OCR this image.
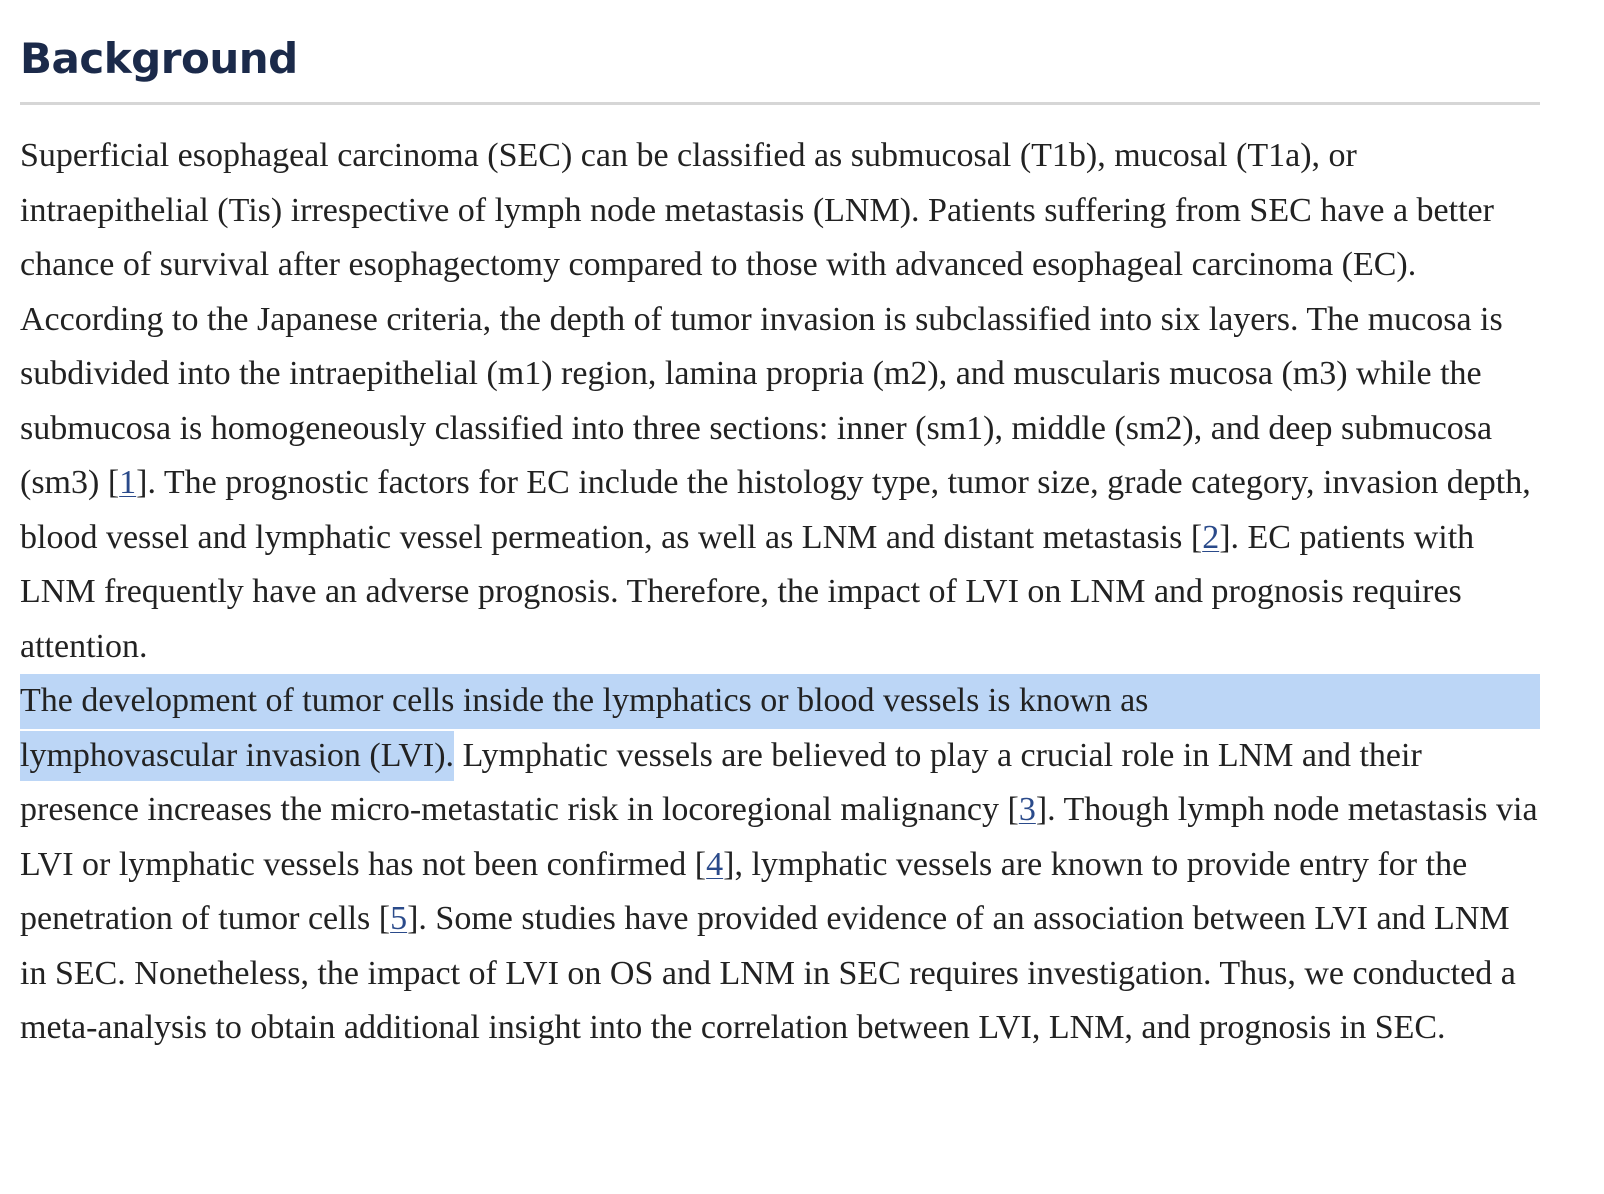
Background

Superficial esophageal carcinoma (SEC) can be classified as submucosal (T1b), mucosal (T1a), or intraepithelial (Tis) irrespective of lymph node metastasis (LNM). Patients suffering from SEC have a better chance of survival after esophagectomy compared to those with advanced esophageal carcinoma (EC). According to the Japanese criteria, the depth of tumor invasion is subclassified into six layers. The mucosa is subdivided into the intraepithelial (m1) region, lamina propria (m2), and muscularis mucosa (m3) while the submucosa is homogeneously classified into three sections: inner (sm1), middle (sm2), and deep submucosa (sm3) [1]. The prognostic factors for EC include the histology type, tumor size, grade category, invasion depth, blood vessel and lymphatic vessel permeation, as well as LNM and distant metastasis [2]. EC patients with LNM frequently have an adverse prognosis. Therefore, the impact of LVI on LNM and prognosis requires attention.

The development of tumor cells inside the lymphatics or blood vessels is known as
lymphovascular invasion (LVI). Lymphatic vessels are believed to play a crucial role in LNM and their presence increases the micro-metastatic risk in locoregional malignancy [3]. Though lymph node metastasis via LVI or lymphatic vessels has not been confirmed [4], lymphatic vessels are known to provide entry for the penetration of tumor cells [5]. Some studies have provided evidence of an association between LVI and LNM in SEC. Nonetheless, the impact of LVI on OS and LNM in SEC requires investigation. Thus, we conducted a meta-analysis to obtain additional insight into the correlation between LVI, LNM, and prognosis in SEC.
